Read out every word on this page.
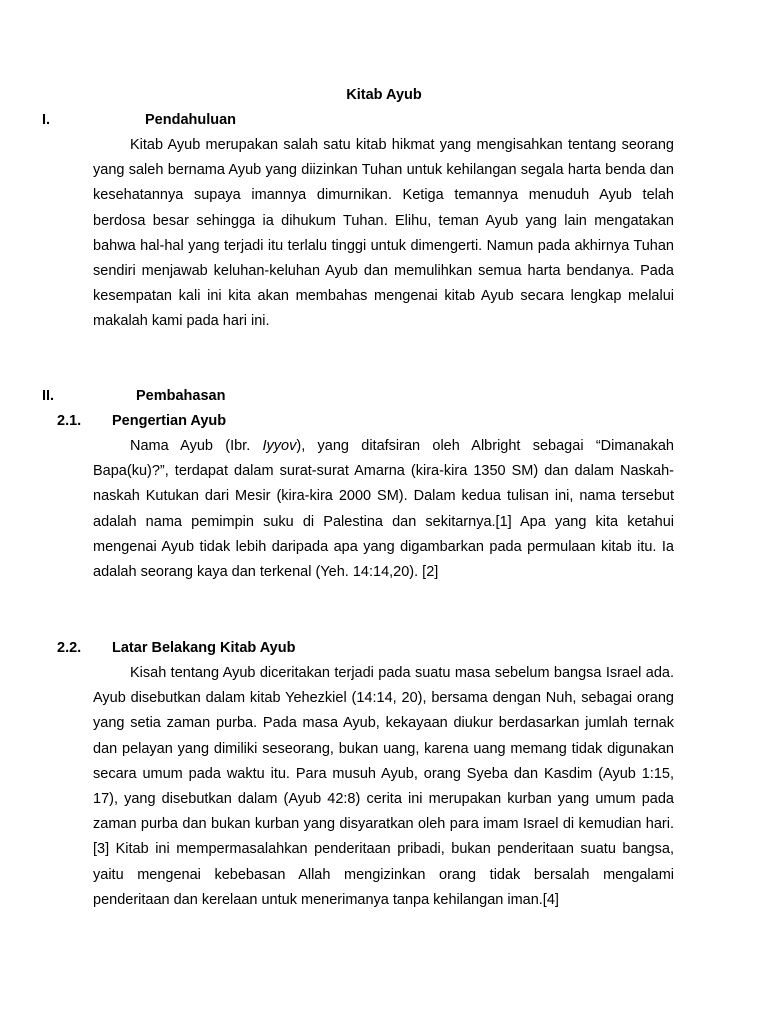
Kitab Ayub
I.	Pendahuluan

Kitab Ayub merupakan salah satu kitab hikmat yang mengisahkan tentang seorang yang saleh bernama Ayub yang diizinkan Tuhan untuk kehilangan segala harta benda dan kesehatannya supaya imannya dimurnikan. Ketiga temannya menuduh Ayub telah berdosa besar sehingga ia dihukum Tuhan. Elihu, teman Ayub yang lain mengatakan bahwa hal-hal yang terjadi itu terlalu tinggi untuk dimengerti. Namun pada akhirnya Tuhan sendiri menjawab keluhan-keluhan Ayub dan memulihkan semua harta bendanya. Pada kesempatan kali ini kita akan membahas mengenai kitab Ayub secara lengkap melalui makalah kami pada hari ini.

II.	Pembahasan
2.1. Pengertian Ayub

Nama Ayub (Ibr. Iyyov), yang ditafsiran oleh Albright sebagai “Dimanakah Bapa(ku)?”, terdapat dalam surat-surat Amarna (kira-kira 1350 SM) dan dalam Naskah-naskah Kutukan dari Mesir (kira-kira 2000 SM). Dalam kedua tulisan ini, nama tersebut adalah nama pemimpin suku di Palestina dan sekitarnya.[1] Apa yang kita ketahui mengenai Ayub tidak lebih daripada apa yang digambarkan pada permulaan kitab itu. Ia adalah seorang kaya dan terkenal (Yeh. 14:14,20). [2]

2.2. Latar Belakang Kitab Ayub

Kisah tentang Ayub diceritakan terjadi pada suatu masa sebelum bangsa Israel ada. Ayub disebutkan dalam kitab Yehezkiel (14:14, 20), bersama dengan Nuh, sebagai orang yang setia zaman purba. Pada masa Ayub, kekayaan diukur berdasarkan jumlah ternak dan pelayan yang dimiliki seseorang, bukan uang, karena uang memang tidak digunakan secara umum pada waktu itu. Para musuh Ayub, orang Syeba dan Kasdim (Ayub 1:15, 17), yang disebutkan dalam (Ayub 42:8) cerita ini merupakan kurban yang umum pada zaman purba dan bukan kurban yang disyaratkan oleh para imam Israel di kemudian hari.[3] Kitab ini mempermasalahkan penderitaan pribadi, bukan penderitaan suatu bangsa, yaitu mengenai kebebasan Allah mengizinkan orang tidak bersalah mengalami penderitaan dan kerelaan untuk menerimanya tanpa kehilangan iman.[4]
